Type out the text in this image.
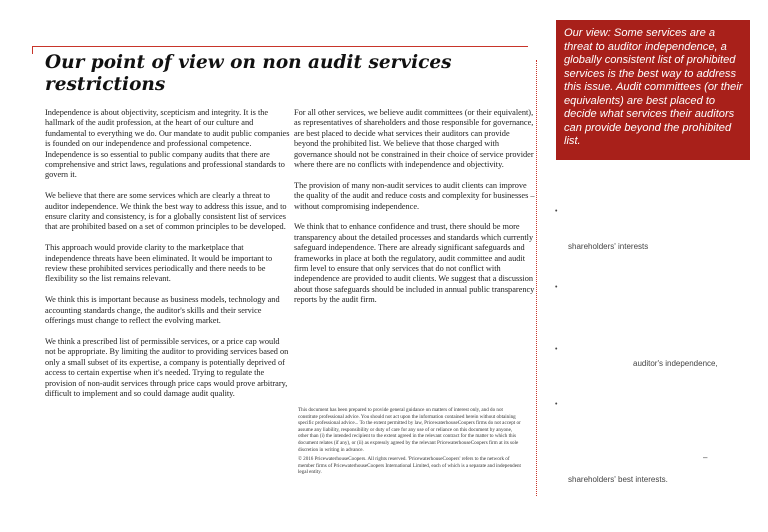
Our point of view on non audit services restrictions

Independence is about objectivity, scepticism and integrity. It is the hallmark of the audit profession, at the heart of our culture and fundamental to everything we do. Our mandate to audit public companies is founded on our independence and professional competence. Independence is so essential to public company audits that there are comprehensive and strict laws, regulations and professional standards to govern it.

We believe that there are some services which are clearly a threat to auditor independence. We think the best way to address this issue, and to ensure clarity and consistency, is for a globally consistent list of services that are prohibited based on a set of common principles to be developed.

This approach would provide clarity to the marketplace that independence threats have been eliminated. It would be important to review these prohibited services periodically and there needs to be flexibility so the list remains relevant.

We think this is important because as business models, technology and accounting standards change, the auditor's skills and their service offerings must change to reflect the evolving market.

We think a prescribed list of permissible services, or a price cap would not be appropriate. By limiting the auditor to providing services based on only a small subset of its expertise, a company is potentially deprived of access to certain expertise when it's needed. Trying to regulate the provision of non-audit services through price caps would prove arbitrary, difficult to implement and so could damage audit quality.

For all other services, we believe audit committees (or their equivalent), as representatives of shareholders and those responsible for governance, are best placed to decide what services their auditors can provide beyond the prohibited list. We believe that those charged with governance should not be constrained in their choice of service provider where there are no conflicts with independence and objectivity.

The provision of many non-audit services to audit clients can improve the quality of the audit and reduce costs and complexity for businesses – without compromising independence.

We think that to enhance confidence and trust, there should be more transparency about the detailed processes and standards which currently safeguard independence. There are already significant safeguards and frameworks in place at both the regulatory, audit committee and audit firm level to ensure that only services that do not conflict with independence are provided to audit clients. We suggest that a discussion about those safeguards should be included in annual public transparency reports by the audit firm.

This document has been prepared to provide general guidance on matters of interest only, and do not constitute professional advice. You should not act upon the information contained herein without obtaining specific professional advice... To the extent permitted by law, PricewaterhouseCoopers firms do not accept or assume any liability, responsibility or duty of care for any use of or reliance on this document by anyone, other than (i) the intended recipient to the extent agreed in the relevant contract for the matter to which this document relates (if any), or (ii) as expressly agreed by the relevant PricewaterhouseCoopers firm at its sole discretion in writing in advance.

© 2016 PricewaterhouseCoopers. All rights reserved. 'PricewaterhouseCoopers' refers to the network of member firms of PricewaterhouseCoopers International Limited, each of which is a separate and independent legal entity.

Our view: Some services are a threat to auditor independence, a globally consistent list of prohibited services is the best way to address this issue. Audit committees (or their equivalents) are best placed to decide what services their auditors can provide beyond the prohibited list.
•
shareholders' interests
•
•
auditor's independence,
•
–
shareholders' best interests.
